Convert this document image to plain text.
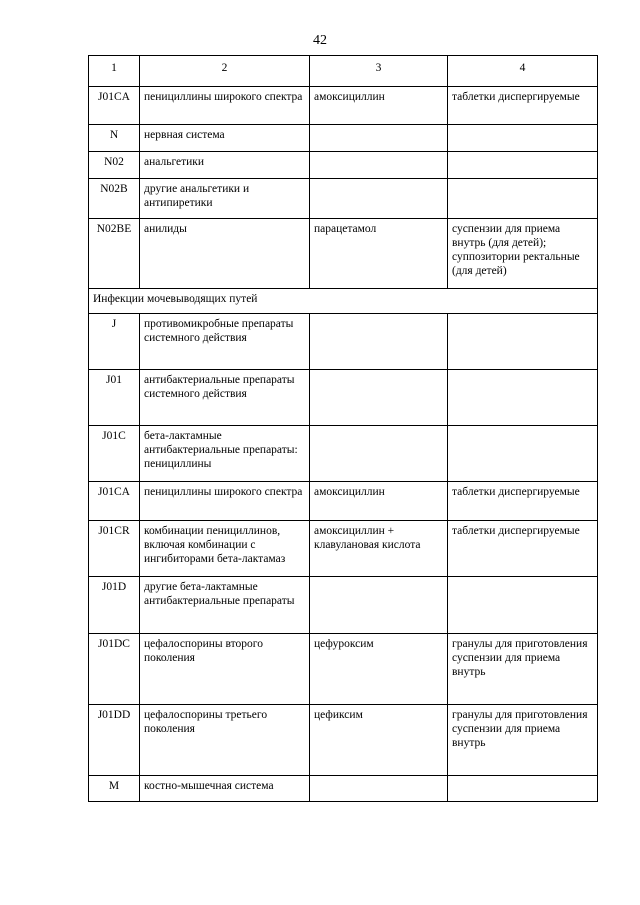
42
1	2	3	4
J01CA	пенициллины широкого спектра	амоксициллин	таблетки диспергируемые
N	нервная система		
N02	анальгетики		
N02B	другие анальгетики и антипиретики		
N02BE	анилиды	парацетамол	суспензии для приема внутрь (для детей); суппозитории ректальные (для детей)
Инфекции мочевыводящих путей			
J	противомикробные препараты системного действия		
J01	антибактериальные препараты системного действия		
J01C	бета-лактамные антибактериальные препараты: пенициллины		
J01CA	пенициллины широкого спектра	амоксициллин	таблетки диспергируемые
J01CR	комбинации пенициллинов, включая комбинации с ингибиторами бета-лактамаз	амоксициллин + клавулановая кислота	таблетки диспергируемые
J01D	другие бета-лактамные антибактериальные препараты		
J01DC	цефалоспорины второго поколения	цефуроксим	гранулы для приготовления суспензии для приема внутрь
J01DD	цефалоспорины третьего поколения	цефиксим	гранулы для приготовления суспензии для приема внутрь
M	костно-мышечная система		
